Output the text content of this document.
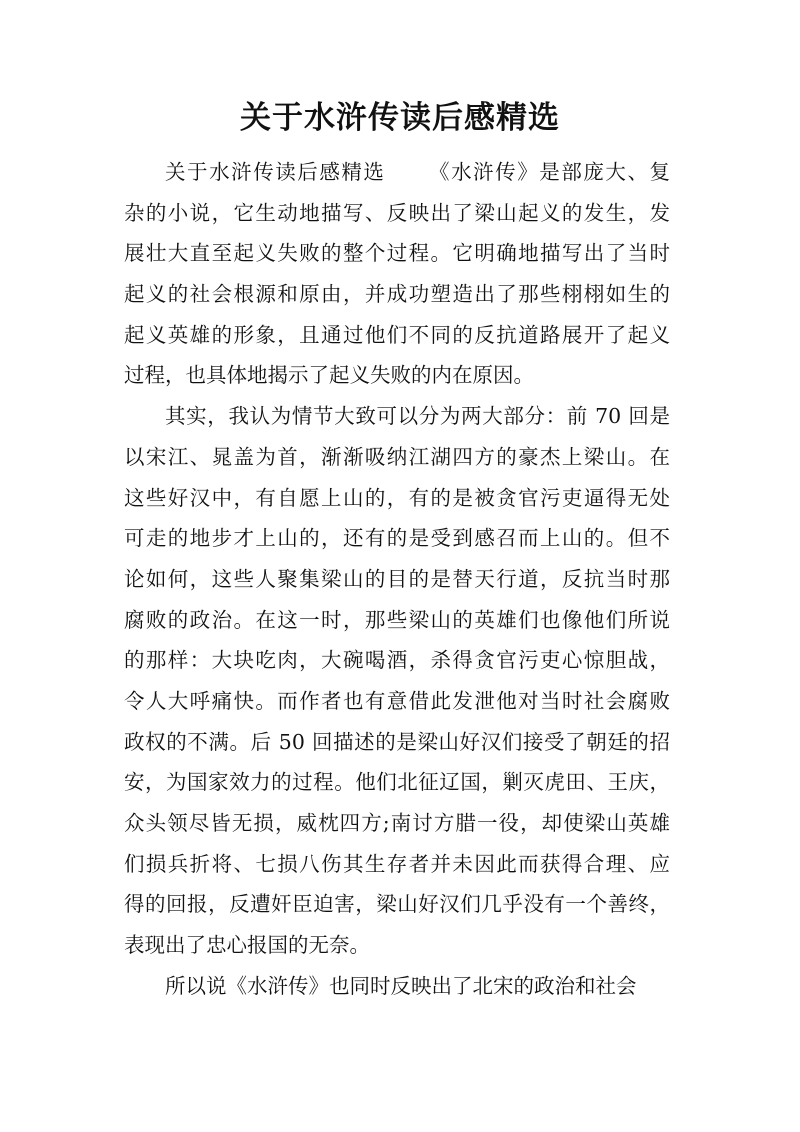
关于水浒传读后感精选
关于水浒传读后感精选 《水浒传》是部庞大、复
杂的小说，它生动地描写、反映出了梁山起义的发生，发
展壮大直至起义失败的整个过程。它明确地描写出了当时
起义的社会根源和原由，并成功塑造出了那些栩栩如生的
起义英雄的形象，且通过他们不同的反抗道路展开了起义
过程，也具体地揭示了起义失败的内在原因。
其实，我认为情节大致可以分为两大部分：前 70 回是
以宋江、晁盖为首，渐渐吸纳江湖四方的豪杰上梁山。在
这些好汉中，有自愿上山的，有的是被贪官污吏逼得无处
可走的地步才上山的，还有的是受到感召而上山的。但不
论如何，这些人聚集梁山的目的是替天行道，反抗当时那
腐败的政治。在这一时，那些梁山的英雄们也像他们所说
的那样：大块吃肉，大碗喝酒，杀得贪官污吏心惊胆战，
令人大呼痛快。而作者也有意借此发泄他对当时社会腐败
政权的不满。后 50 回描述的是梁山好汉们接受了朝廷的招
安，为国家效力的过程。他们北征辽国，剿灭虎田、王庆，
众头领尽皆无损，威枕四方;南讨方腊一役，却使梁山英雄
们损兵折将、七损八伤其生存者并未因此而获得合理、应
得的回报，反遭奸臣迫害，梁山好汉们几乎没有一个善终，
表现出了忠心报国的无奈。
所以说《水浒传》也同时反映出了北宋的政治和社会
